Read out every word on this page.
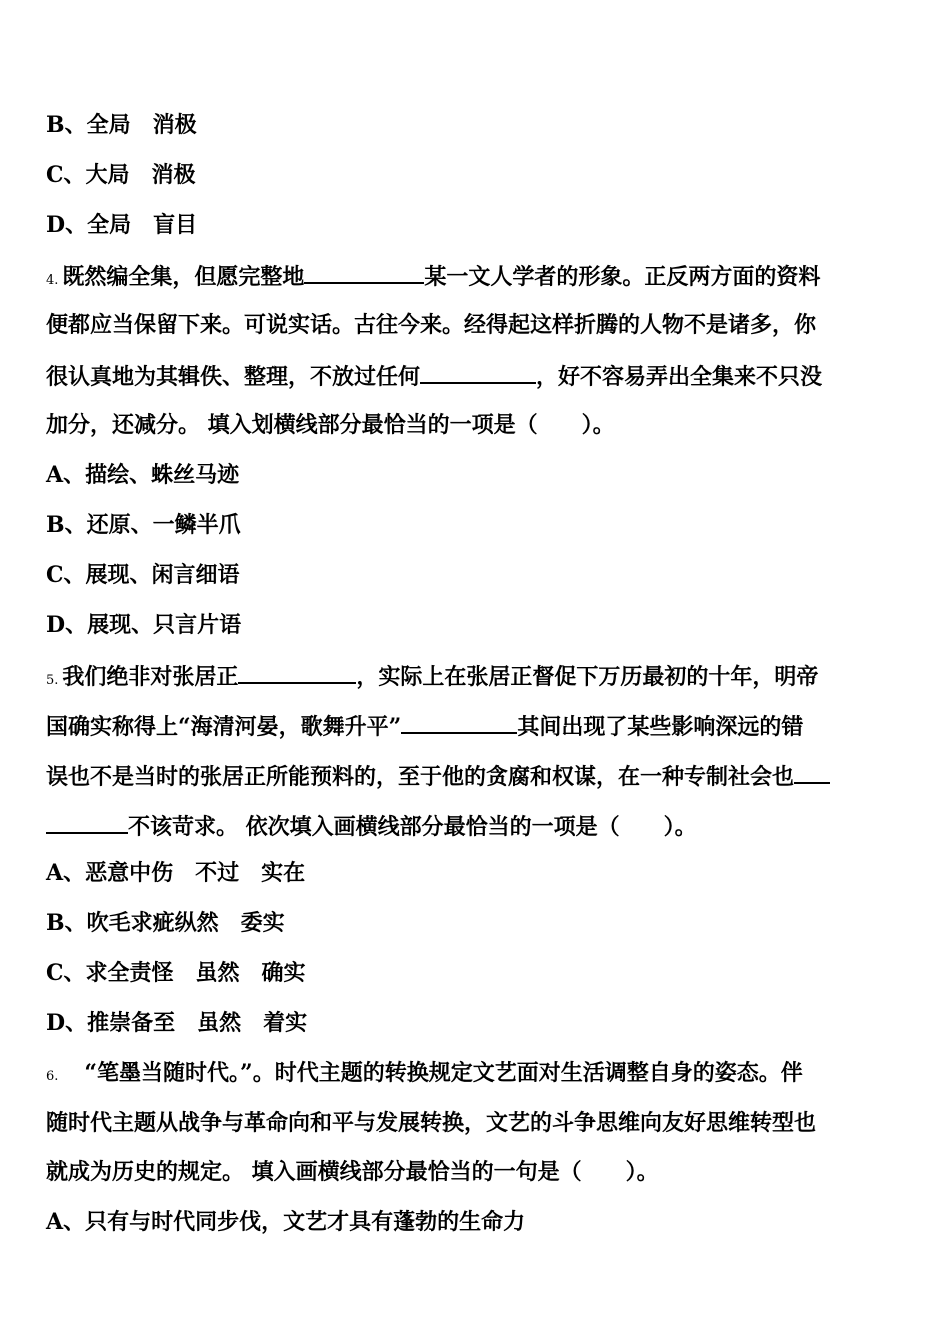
B、全局　消极
C、大局　消极
D、全局　盲目
4. 既然编全集，但愿完整地	某一文人学者的形象。正反两方面的资料
便都应当保留下来。可说实话。古往今来。经得起这样折腾的人物不是诸多，你
很认真地为其辑佚、整理，不放过任何	，好不容易弄出全集来不只没
加分，还减分。 填入划横线部分最恰当的一项是（　　）。
A、描绘、蛛丝马迹
B、还原、一鳞半爪
C、展现、闲言细语
D、展现、只言片语
5. 我们绝非对张居正	，实际上在张居正督促下万历最初的十年，明帝
国确实称得上“海清河晏，歌舞升平”	其间出现了某些影响深远的错
误也不是当时的张居正所能预料的，至于他的贪腐和权谋，在一种专制社会也
不该苛求。 依次填入画横线部分最恰当的一项是（　　）。
A、恶意中伤　不过　实在
B、吹毛求疵纵然　委实
C、求全责怪　虽然　确实
D、推崇备至　虽然　着实
6. “笔墨当随时代。”。时代主题的转换规定文艺面对生活调整自身的姿态。伴
随时代主题从战争与革命向和平与发展转换，文艺的斗争思维向友好思维转型也
就成为历史的规定。 填入画横线部分最恰当的一句是（　　）。
A、只有与时代同步伐，文艺才具有蓬勃的生命力
